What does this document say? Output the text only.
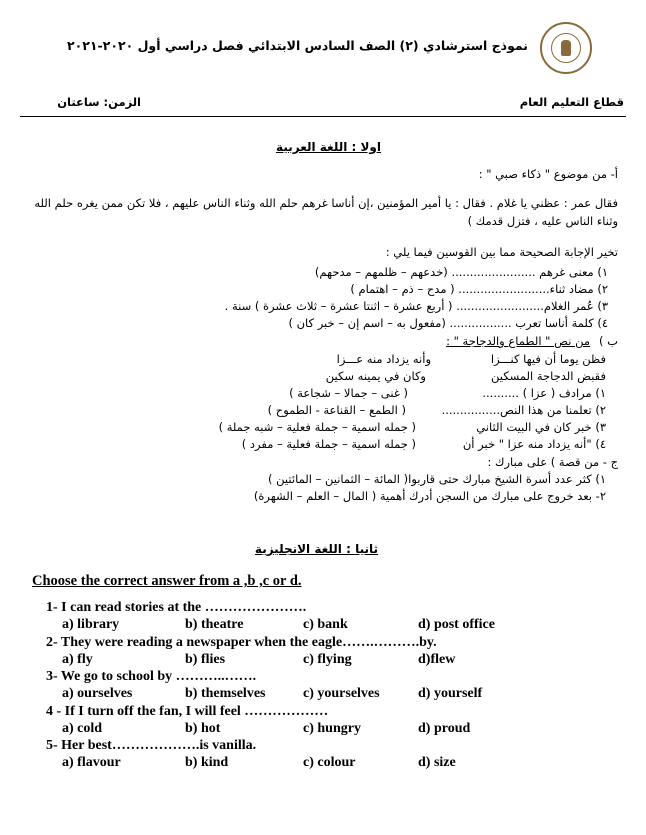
نموذج استرشادي (٢) الصف السادس الابتدائي فصل دراسي أول ٢٠٢٠-٢٠٢١
قطاع التعليم العام
الزمن: ساعتان
اولا : اللغة العربية
أ- من موضوع " ذكاء صبي " :
فقال عمر : عظني يا غلام . فقال : يا أمير المؤمنين ،إن أناسا غرهم حلم الله وثناء الناس عليهم ، فلا تكن ممن يغره حلم الله
وثناء الناس عليه ، فتزل قدمك )
تخير الإجابة الصحيحة مما بين القوسين فيما يلي :
١) معنى غرهم ....................... (خدعهم – ظلمهم – مدحهم)
٢) مضاد ثناء......................... ( مدح – ذم – اهتمام )
٣) عُمر الغلام........................ ( أربع عشرة – اثنتا عشرة – ثلاث عشرة ) سنة .
٤) كلمة أناسا تعرب ................. (مفعول به – اسم إن – خبر كان )
ب )
من نص " الطماع والدجاجة " :
فظن يوما أن فيها كنـــزا
وأنه يزداد منه عـــزا
فقبض الدجاجة المسكين
وكان في يمينه سكين
١) مرادف ( عزا ) ..........
( غنى – جمالا – شجاعة )
٢) تعلمنا من هذا النص................
( الطمع – القناعة - الطموح )
٣) خبر كان في البيت الثاني
( جمله اسمية – جملة فعلية – شبه جملة )
٤) "أنه يزداد منه عزا " خبر أن
( جمله اسمية – جملة فعلية – مفرد )
ج - من قصة ) على مبارك :
١) كثر عدد أسرة الشيخ مبارك حتى قاربوا( المائة – الثمانين – المائتين )
٢- بعد خروج على مبارك من السجن أدرك أهمية ( المال – العلم – الشهرة)
ثانيا : اللغة الانجليزية
Choose the correct answer from a ,b ,c or d.
1- I can read stories at the ………………….
a) library	b) theatre	c) bank	d) post office
2- They were reading a newspaper when the eagle…….……….by.
a) fly	b) flies	c) flying	d)flew
3- We go to school by ………..…….
a) ourselves	b) themselves	c) yourselves	d) yourself
4 - If I turn off the fan, I will feel ………………
a) cold	b) hot	c) hungry	d) proud
5- Her best……………….is vanilla.
a) flavour	b) kind	c) colour	d) size
